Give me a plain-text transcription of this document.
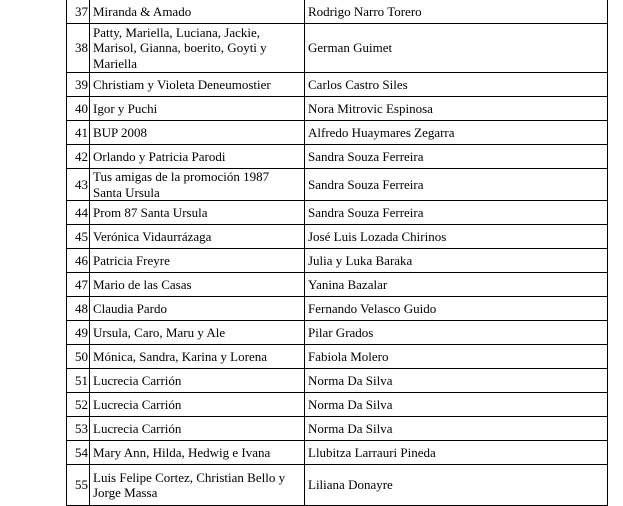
37	Miranda & Amado	Rodrigo Narro Torero
38	Patty, Mariella, Luciana, Jackie, Marisol, Gianna, boerito, Goyti y Mariella	German Guimet
39	Christiam y Violeta Deneumostier	Carlos Castro Siles
40	Igor y Puchi	Nora Mitrovic Espinosa
41	BUP 2008	Alfredo Huaymares Zegarra
42	Orlando y Patricia Parodi	Sandra Souza Ferreira
43	Tus amigas de la promoción 1987 Santa Ursula	Sandra Souza Ferreira
44	Prom 87 Santa Ursula	Sandra Souza Ferreira
45	Verónica Vidaurrázaga	José Luis Lozada Chirinos
46	Patricia Freyre	Julia y Luka Baraka
47	Mario de las Casas	Yanina Bazalar
48	Claudia Pardo	Fernando Velasco Guido
49	Ursula, Caro, Maru y Ale	Pilar Grados
50	Mónica, Sandra, Karina y Lorena	Fabiola Molero
51	Lucrecia Carrión	Norma Da Silva
52	Lucrecia Carrión	Norma Da Silva
53	Lucrecia Carrión	Norma Da Silva
54	Mary Ann, Hilda, Hedwig e Ivana	Llubitza Larrauri Pineda
55	Luis Felipe Cortez, Christian Bello y Jorge Massa	Liliana Donayre
